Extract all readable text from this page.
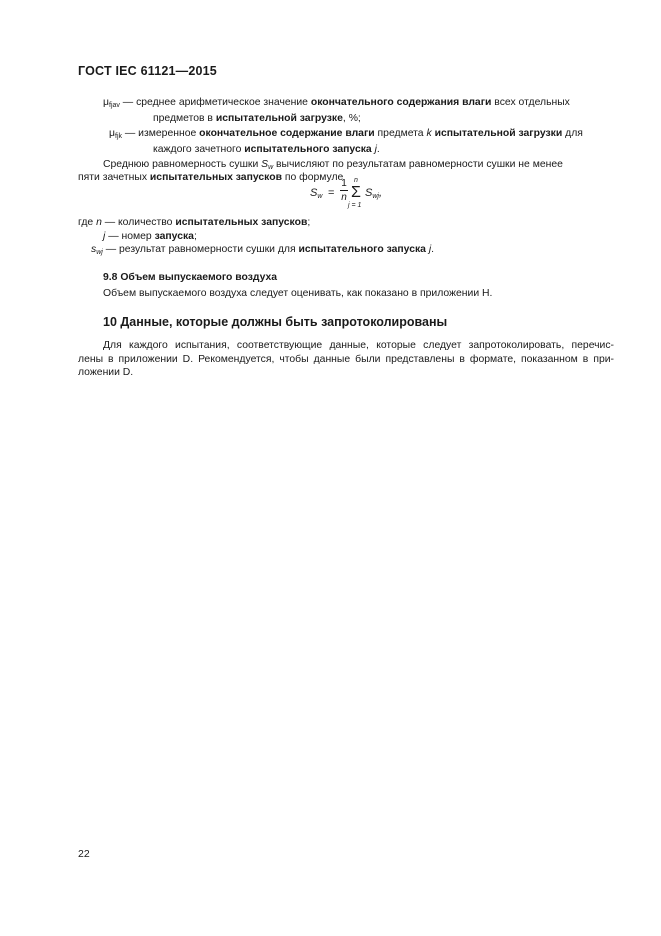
ГОСТ IEC 61121—2015
$\mu_{fjav}$ — среднее арифметическое значение окончательного содержания влаги всех отдельных
предметов в испытательной загрузке, %;
$\mu_{fjk}$ — измеренное окончательное содержание влаги предмета k испытательной загрузки для
каждого зачетного испытательного запуска j.
Среднюю равномерность сушки $S_w$ вычисляют по результатам равномерности сушки не менее
пяти зачетных испытательных запусков по формуле
$S_w$ =
1
n
n
Σ
j = 1
$S_{wj}$,
где n — количество испытательных запусков;
j — номер запуска;
$s_{wj}$ — результат равномерности сушки для испытательного запуска j.
9.8 Объем выпускаемого воздуха
Объем выпускаемого воздуха следует оценивать, как показано в приложении Н.
10 Данные, которые должны быть запротоколированы
Для каждого испытания, соответствующие данные, которые следует запротоколировать, перечис-
лены в приложении D. Рекомендуется, чтобы данные были представлены в формате, показанном в при-
ложении D.
22
